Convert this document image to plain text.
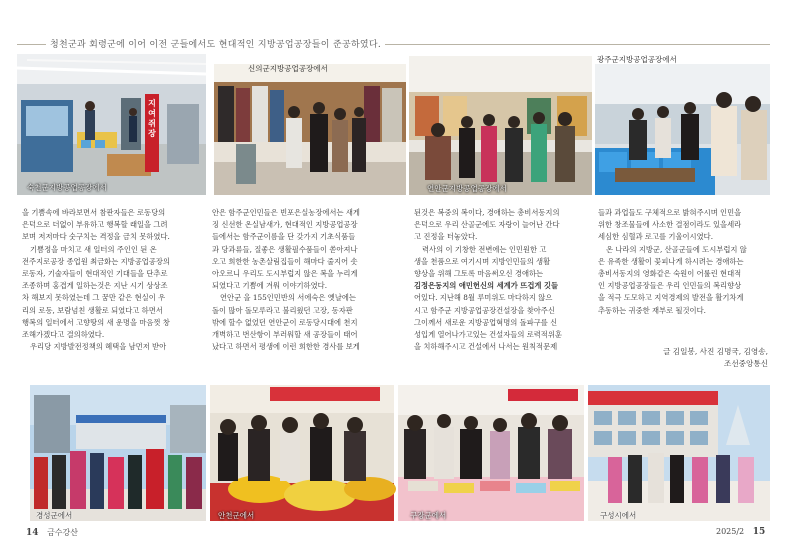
청천군과 회령군에 이어 이전 군들에서도 현대적인 지방공업공장들이 준공하였다.
지여쥐장
숙천군지방공업공장에서
신의군지방공업공장에서
연안군지방공업공장에서
광주군지방공업공장에서

을 기쁨속에 바라보면서 참판자들은 로동당의

은덕으로 더없이 부유하고 행복할 래일을 그려

보며 저저마다 숫구치는 격정을 금치 못하였다.

기쁨정을 마치고 새 일터의 주인인 된 온

전주지로공장 종업원 최금화는 지방공업공장의

로동자, 기술자들이 현대적인 기대들을 단추로

조종하며 홍겹게 일하는것은 지난 시기 상상조

차 해보지 못하였는데 그 꿈만 같은 현실이 우

리의 로동, 보람넘친 생활로 되였다고 하면서

행복의 일터에서 고향땅의 새 운명을 마음껏 창

조해가겠다고 결의하였다.

우리당 지방발전정책의 혜택을 남먼저 받아

안은 함주군인민들은 빈포은실농장에서는 새게

징 신선한 온실남새가, 현대적인 지방공업공장

들에서는 함주군이름을 단 갖가지 기초식품들

과 당과류들, 질좋은 생활필수품들이 쏟아져나

오고 희한한 농촌살림집들이 해마다 줄지어 솟

아오르니 우리도 도시부럽지 않은 복을 누리게

되였다고 기쁨에 겨워 이야기하였다.

연안군 을 155인민반의 서에숙은 옛날에는

돌이 많아 돌모루라고 불리웠던 고장, 동자판

밖에 할수 없었던 연안군이 로동당시대에 천지

개벽하고 번산항이 부러워할 새 공장들이 태어

났다고 하면서 평생에 이런 희한한 경사를 보게

된것은 복중의 복이다, 경애하는 총비서동지의

은덕으로 우리 산골군에도 자랑이 늘어난 간다

고 진정을 터놓았다.

력사의 이 기창한 전변에는 인민원한 고

생을 천품으로 여기시며 지방인민들의 생활

향상을 위해 그토록 마음써오신 경애하는

김정은동지의 애민헌신의 세계가 뜨겁게 깃들

어있다. 지난해 8월 루미위도 마다하지 않으

시고 함주군 지방공업공장건설장을 찾아주신

그이께서 새로운 지방공업혁명의 돌파구를 신

성입게 열어나가고있는 건설자들의 로력적위훈

을 치하해주시고 건설에서 나서는 원칙적문제

들과 과업들도 구체적으로 밝혀주시며 인민을

위한 창조물들에 사소한 결점이라도 있을세라

세심한 심혈과 로고를 기울이시였다.

온 나라의 지방군, 산골군들에 도시부럽지 않

은 유족한 생활이 꽃피나게 하시려는 경애하는

총비서동지의 영화같은 숙원이 어룰린 현대적

인 지방공업공장들은 우리 인민들의 복리향상

을 적극 도모하고 지역경제의 발전을 활기차게

추동하는 귀중한 재부로 될것이다.

글 김일봉, 사진 김명국, 김영송,
조선중앙통신
경성군에서	안천군에서	구장군에서	구성시에서
14 금수강산	2025/2 15
